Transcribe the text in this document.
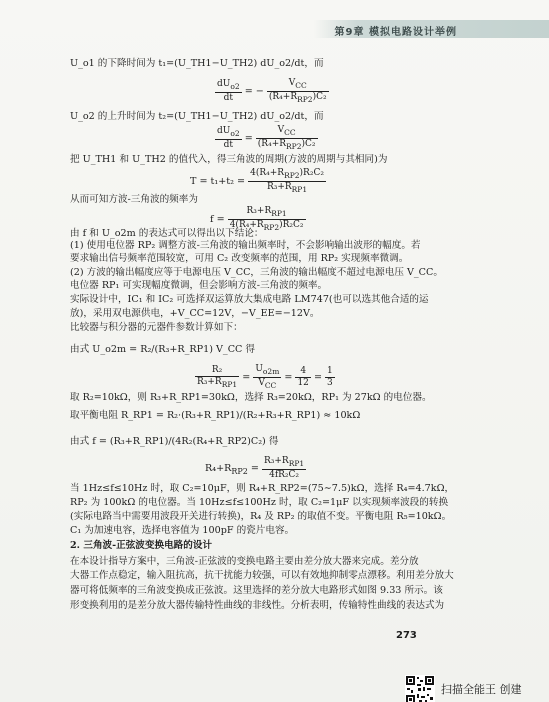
第9章 模拟电路设计举例
U_o1 的下降时间为 t₁=(U_TH1−U_TH2) dU_o2/dt，而
$\frac{dU_{o2}}{dt}$ = − $\frac{V_{CC}}{(R_4+R_{RP2})C_2}$
U_o2 的上升时间为 t₂=(U_TH1−U_TH2) dU_o2/dt，而
$\frac{dU_{o2}}{dt} = \frac{V_{CC}}{(R_4+R_{RP2})C_2}$
把 U_TH1 和 U_TH2 的值代入，得三角波的周期(方波的周期与其相同)为
$T = t_1+t_2 = \frac{4(R_4+R_{RP2})R_2C_2}{R_3+R_{RP1}}$
从而可知方波-三角波的频率为
$f = \frac{R_3+R_{RP1}}{4(R_4+R_{RP2})R_2C_2}$
由 f 和 U_o2m 的表达式可以得出以下结论：
(1) 使用电位器 RP₂ 调整方波-三角波的输出频率时，不会影响输出波形的幅度。若
要求输出信号频率范围较宽，可用 C₂ 改变频率的范围，用 RP₂ 实现频率微调。
(2) 方波的输出幅度应等于电源电压 V_CC，三角波的输出幅度不超过电源电压 V_CC。
电位器 RP₁ 可实现幅度微调，但会影响方波-三角波的频率。
实际设计中，IC₁ 和 IC₂ 可选择双运算放大集成电路 LM747(也可以选其他合适的运
放)，采用双电源供电，+V_CC=12V，−V_EE=−12V。
比较器与积分器的元器件参数计算如下：
由式 U_o2m = R₂/(R₃+R_RP1) V_CC 得
$\frac{\text{R₂}}{R_3+R_{RP1}} = \frac{U_{o2m}}{V_{CC}} = \frac{4}{12} = \frac{1}{3}$
取 R₂=10kΩ，则 R₃+R_RP1=30kΩ，选择 R₃=20kΩ，RP₁ 为 27kΩ 的电位器。
取平衡电阻 R_RP1 = R₂·(R₃+R_RP1)/(R₂+R₃+R_RP1) ≈ 10kΩ
由式 f = (R₃+R_RP1)/(4R₂(R₄+R_RP2)C₂) 得
$R_4+R_{RP2} = \frac{R_3+R_{RP1}}{\text{4fR₂C₂}}$
当 1Hz≤f≤10Hz 时，取 C₂=10μF，则 R₄+R_RP2=(75∼7.5)kΩ，选择 R₄=4.7kΩ，
RP₂ 为 100kΩ 的电位器。当 10Hz≤f≤100Hz 时，取 C₂=1μF 以实现频率波段的转换
(实际电路当中需要用波段开关进行转换)，R₄ 及 RP₂ 的取值不变。平衡电阻 R₅=10kΩ。
C₁ 为加速电容，选择电容值为 100pF 的瓷片电容。
2. 三角波-正弦波变换电路的设计
在本设计指导方案中，三角波-正弦波的变换电路主要由差分放大器来完成。差分放
大器工作点稳定，输入阻抗高，抗干扰能力较强，可以有效地抑制零点漂移。利用差分放大
器可将低频率的三角波变换成正弦波。这里选择的差分放大电路形式如图 9.33 所示。该
形变换利用的是差分放大器传输特性曲线的非线性。分析表明，传输特性曲线的表达式为
273
扫描全能王 创建
